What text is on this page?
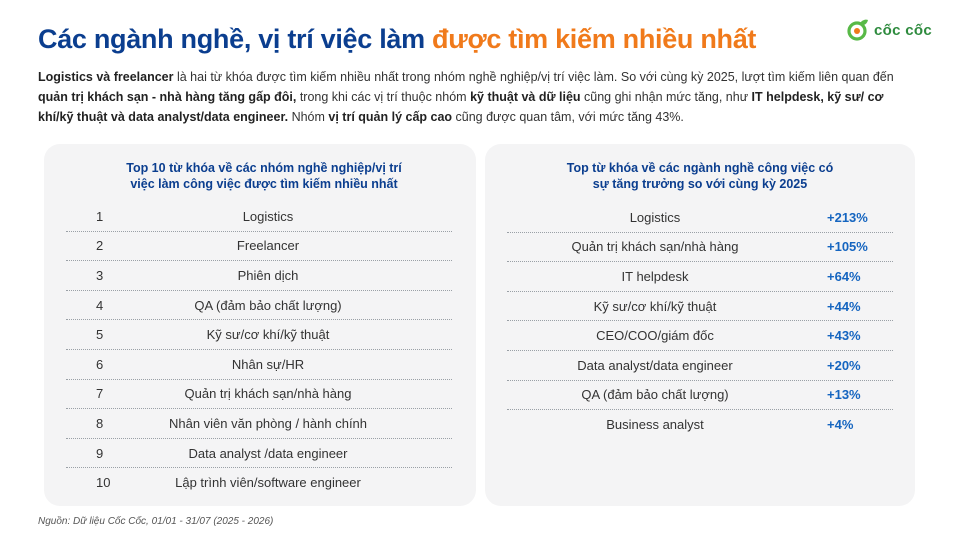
Các ngành nghề, vị trí việc làm được tìm kiếm nhiều nhất	cốc cốc

Logistics và freelancer là hai từ khóa được tìm kiếm nhiều nhất trong nhóm nghề nghiệp/vị trí việc làm. So với cùng kỳ 2025, lượt tìm kiếm liên quan đến quản trị khách sạn - nhà hàng tăng gấp đôi, trong khi các vị trí thuộc nhóm kỹ thuật và dữ liệu cũng ghi nhận mức tăng, như IT helpdesk, kỹ sư/ cơ khí/kỹ thuật và data analyst/data engineer. Nhóm vị trí quản lý cấp cao cũng được quan tâm, với mức tăng 43%.

Top 10 từ khóa về các nhóm nghề nghiệp/vị trí
việc làm công việc được tìm kiếm nhiều nhất
1	Logistics
2	Freelancer
3	Phiên dịch
4	QA (đảm bảo chất lượng)
5	Kỹ sư/cơ khí/kỹ thuật
6	Nhân sự/HR
7	Quản trị khách sạn/nhà hàng
8	Nhân viên văn phòng / hành chính
9	Data analyst /data engineer
10	Lập trình viên/software engineer
Top từ khóa về các ngành nghề công việc có
sự tăng trưởng so với cùng kỳ 2025
Logistics	+213%
Quản trị khách sạn/nhà hàng	+105%
IT helpdesk	+64%
Kỹ sư/cơ khí/kỹ thuật	+44%
CEO/COO/giám đốc	+43%
Data analyst/data engineer	+20%
QA (đảm bảo chất lượng)	+13%
Business analyst	+4%

Nguồn: Dữ liệu Cốc Cốc, 01/01 - 31/07 (2025 - 2026)
